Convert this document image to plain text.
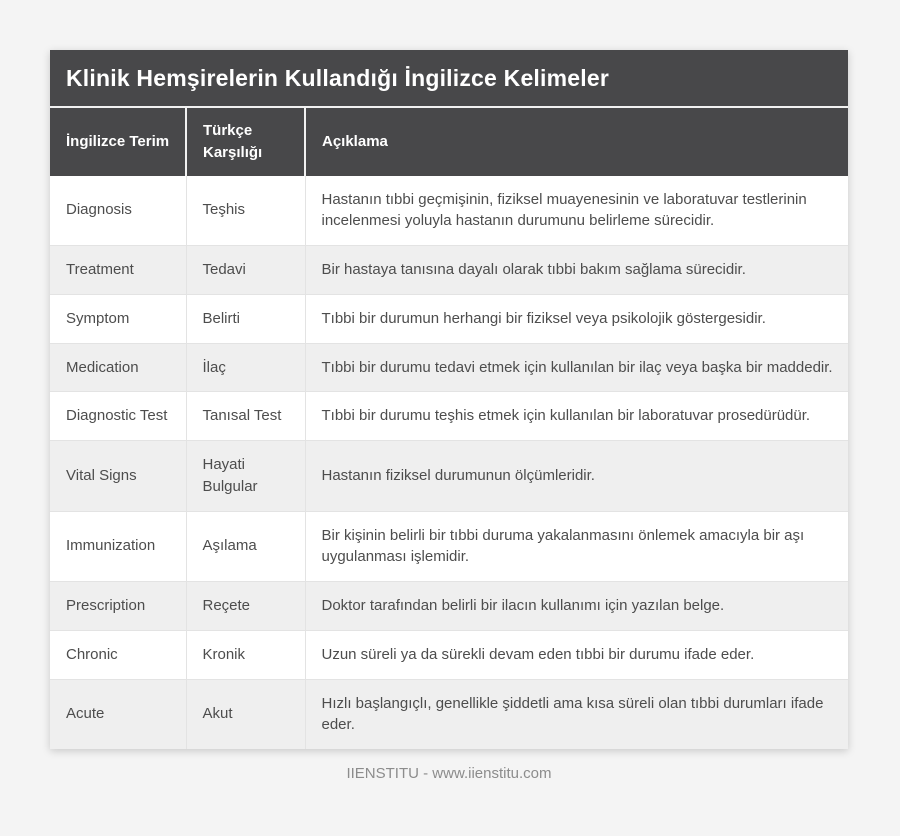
Klinik Hemşirelerin Kullandığı İngilizce Kelimeler
İngilizce Terim	Türkçe Karşılığı	Açıklama
Diagnosis	Teşhis	Hastanın tıbbi geçmişinin, fiziksel muayenesinin ve laboratuvar testlerinin incelenmesi yoluyla hastanın durumunu belirleme sürecidir.
Treatment	Tedavi	Bir hastaya tanısına dayalı olarak tıbbi bakım sağlama sürecidir.
Symptom	Belirti	Tıbbi bir durumun herhangi bir fiziksel veya psikolojik göstergesidir.
Medication	İlaç	Tıbbi bir durumu tedavi etmek için kullanılan bir ilaç veya başka bir maddedir.
Diagnostic Test	Tanısal Test	Tıbbi bir durumu teşhis etmek için kullanılan bir laboratuvar prosedürüdür.
Vital Signs	Hayati Bulgular	Hastanın fiziksel durumunun ölçümleridir.
Immunization	Aşılama	Bir kişinin belirli bir tıbbi duruma yakalanmasını önlemek amacıyla bir aşı uygulanması işlemidir.
Prescription	Reçete	Doktor tarafından belirli bir ilacın kullanımı için yazılan belge.
Chronic	Kronik	Uzun süreli ya da sürekli devam eden tıbbi bir durumu ifade eder.
Acute	Akut	Hızlı başlangıçlı, genellikle şiddetli ama kısa süreli olan tıbbi durumları ifade eder.
IIENSTITU - www.iienstitu.com
